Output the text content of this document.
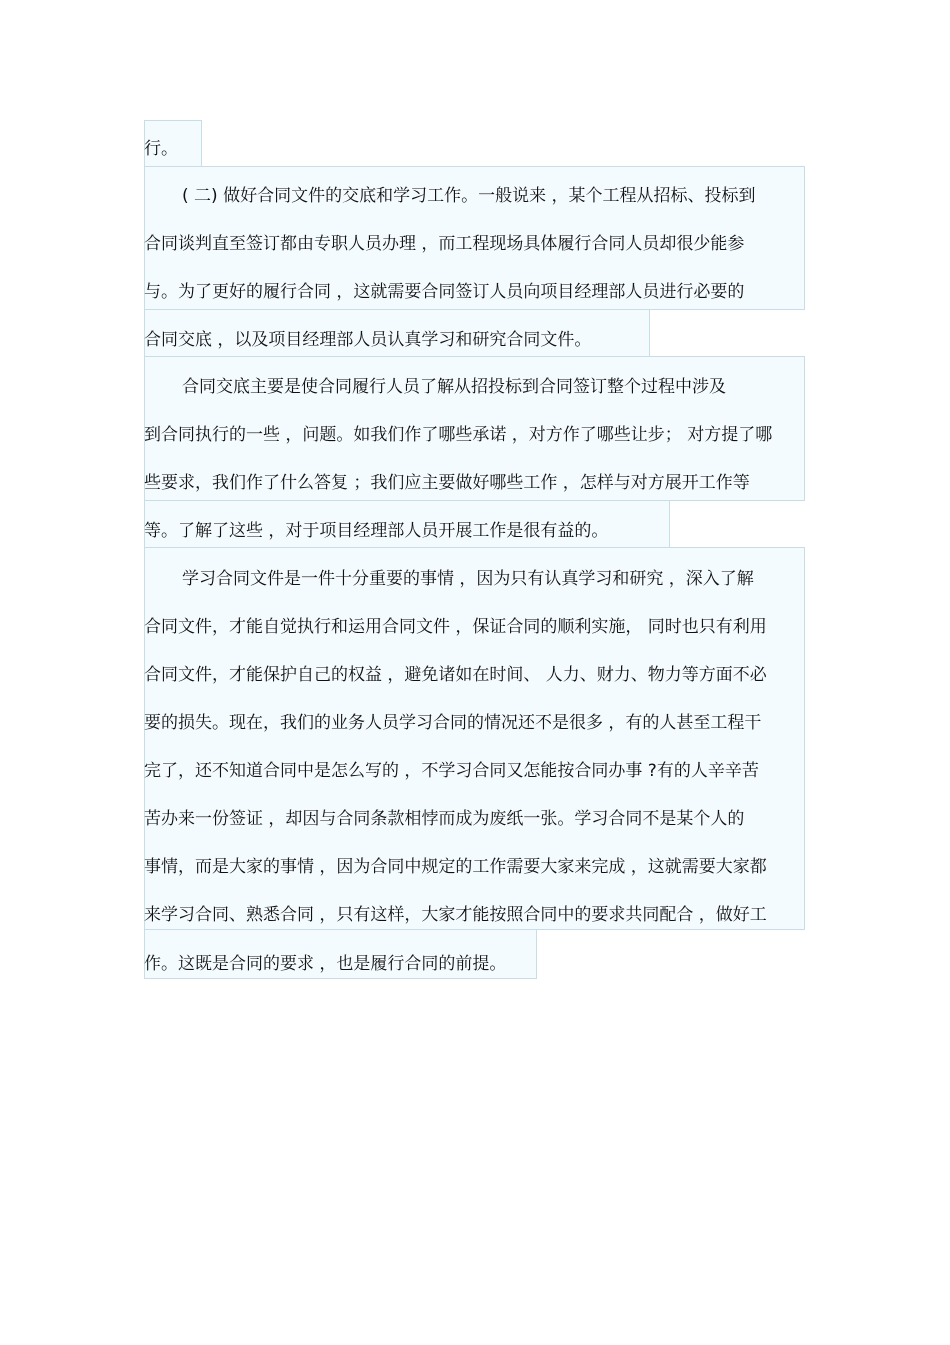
行。
( 二) 做好合同文件的交底和学习工作。一般说来 ，某个工程从招标、投标到
合同谈判直至签订都由专职人员办理 ，而工程现场具体履行合同人员却很少能参
与。为了更好的履行合同 ，这就需要合同签订人员向项目经理部人员进行必要的
合同交底 ，以及项目经理部人员认真学习和研究合同文件。
合同交底主要是使合同履行人员了解从招投标到合同签订整个过程中涉及
到合同执行的一些 ，问题。如我们作了哪些承诺 ，对方作了哪些让步； 对方提了哪
些要求，我们作了什么答复 ；我们应主要做好哪些工作 ，怎样与对方展开工作等
等。了解了这些 ，对于项目经理部人员开展工作是很有益的。
学习合同文件是一件十分重要的事情 ，因为只有认真学习和研究 ，深入了解
合同文件，才能自觉执行和运用合同文件 ，保证合同的顺利实施， 同时也只有利用
合同文件，才能保护自己的权益 ，避免诸如在时间、 人力、财力、物力等方面不必
要的损失。现在，我们的业务人员学习合同的情况还不是很多 ，有的人甚至工程干
完了，还不知道合同中是怎么写的 ，不学习合同又怎能按合同办事 ?有的人辛辛苦
苦办来一份签证 ，却因与合同条款相悖而成为废纸一张。学习合同不是某个人的
事情，而是大家的事情 ，因为合同中规定的工作需要大家来完成 ，这就需要大家都
来学习合同、熟悉合同 ，只有这样，大家才能按照合同中的要求共同配合 ，做好工
作。这既是合同的要求 ，也是履行合同的前提。
